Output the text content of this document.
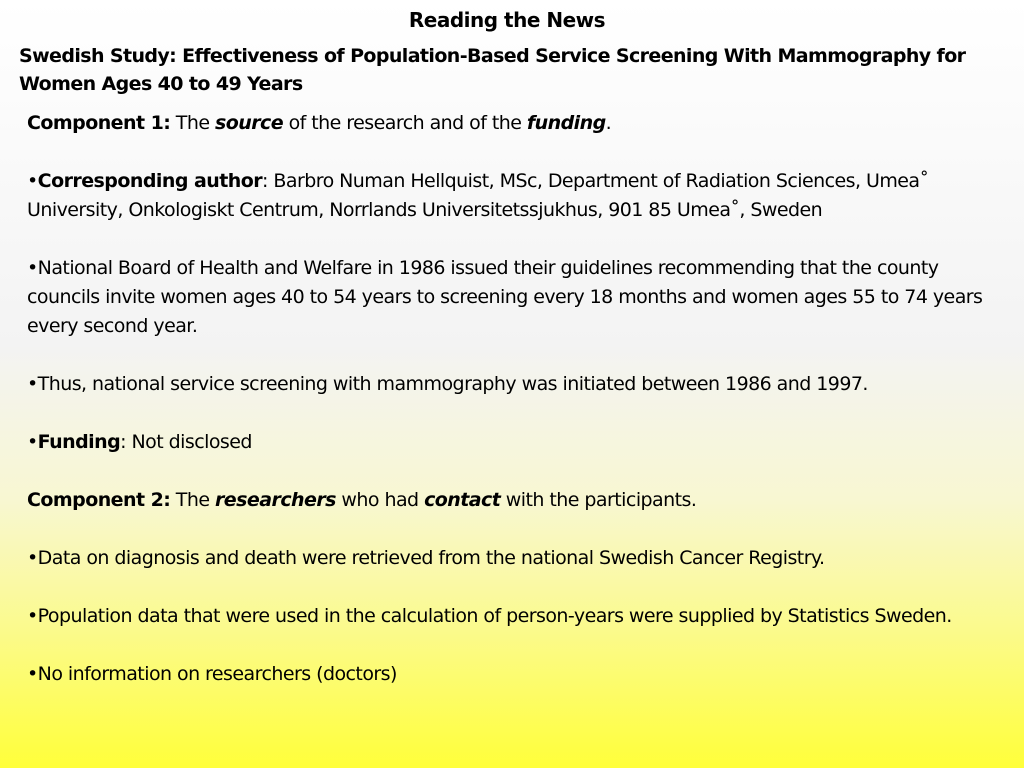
Reading the News
Swedish Study: Effectiveness of Population-Based Service Screening With Mammography for Women Ages 40 to 49 Years

Component 1: The source of the research and of the funding.

• Corresponding author: Barbro Numan Hellquist, MSc, Department of Radiation Sciences, Umea˚ University, Onkologiskt Centrum, Norrlands Universitetssjukhus, 901 85 Umea˚, Sweden

• National Board of Health and Welfare in 1986 issued their guidelines recommending that the county councils invite women ages 40 to 54 years to screening every 18 months and women ages 55 to 74 years every second year.

• Thus, national service screening with mammography was initiated between 1986 and 1997.

• Funding: Not disclosed

Component 2: The researchers who had contact with the participants.

• Data on diagnosis and death were retrieved from the national Swedish Cancer Registry.

• Population data that were used in the calculation of person-years were supplied by Statistics Sweden.

• No information on researchers (doctors)
